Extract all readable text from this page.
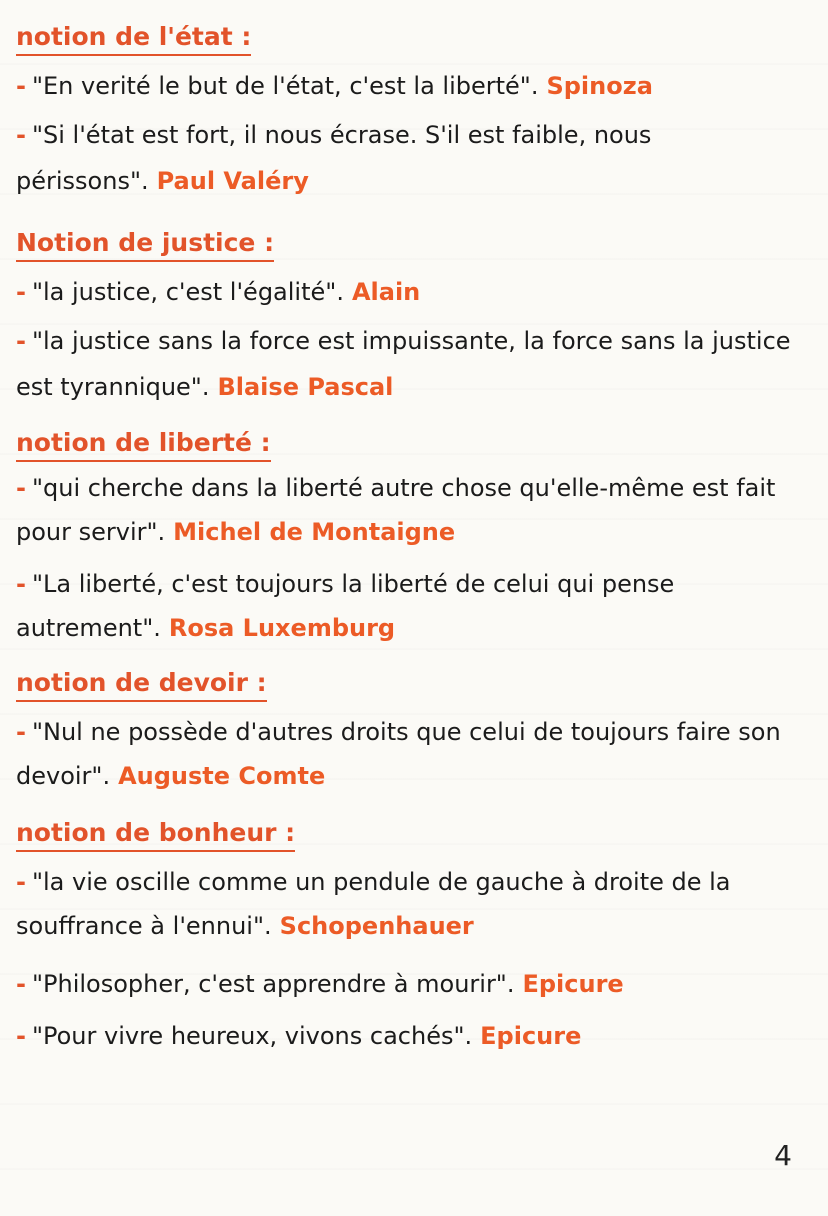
notion de l'état :
- "En verité le but de l'état, c'est la liberté". Spinoza
- "Si l'état est fort, il nous écrase. S'il est faible, nous périssons". Paul Valéry
Notion de justice :
- "la justice, c'est l'égalité". Alain
- "la justice sans la force est impuissante, la force sans la justice est tyrannique". Blaise Pascal
notion de liberté :
- "qui cherche dans la liberté autre chose qu'elle-même est fait pour servir". Michel de Montaigne
- "La liberté, c'est toujours la liberté de celui qui pense autrement". Rosa Luxemburg
notion de devoir :
- "Nul ne possède d'autres droits que celui de toujours faire son devoir". Auguste Comte
notion de bonheur :
- "la vie oscille comme un pendule de gauche à droite de la souffrance à l'ennui". Schopenhauer
- "Philosopher, c'est apprendre à mourir". Epicure
- "Pour vivre heureux, vivons cachés". Epicure
4
